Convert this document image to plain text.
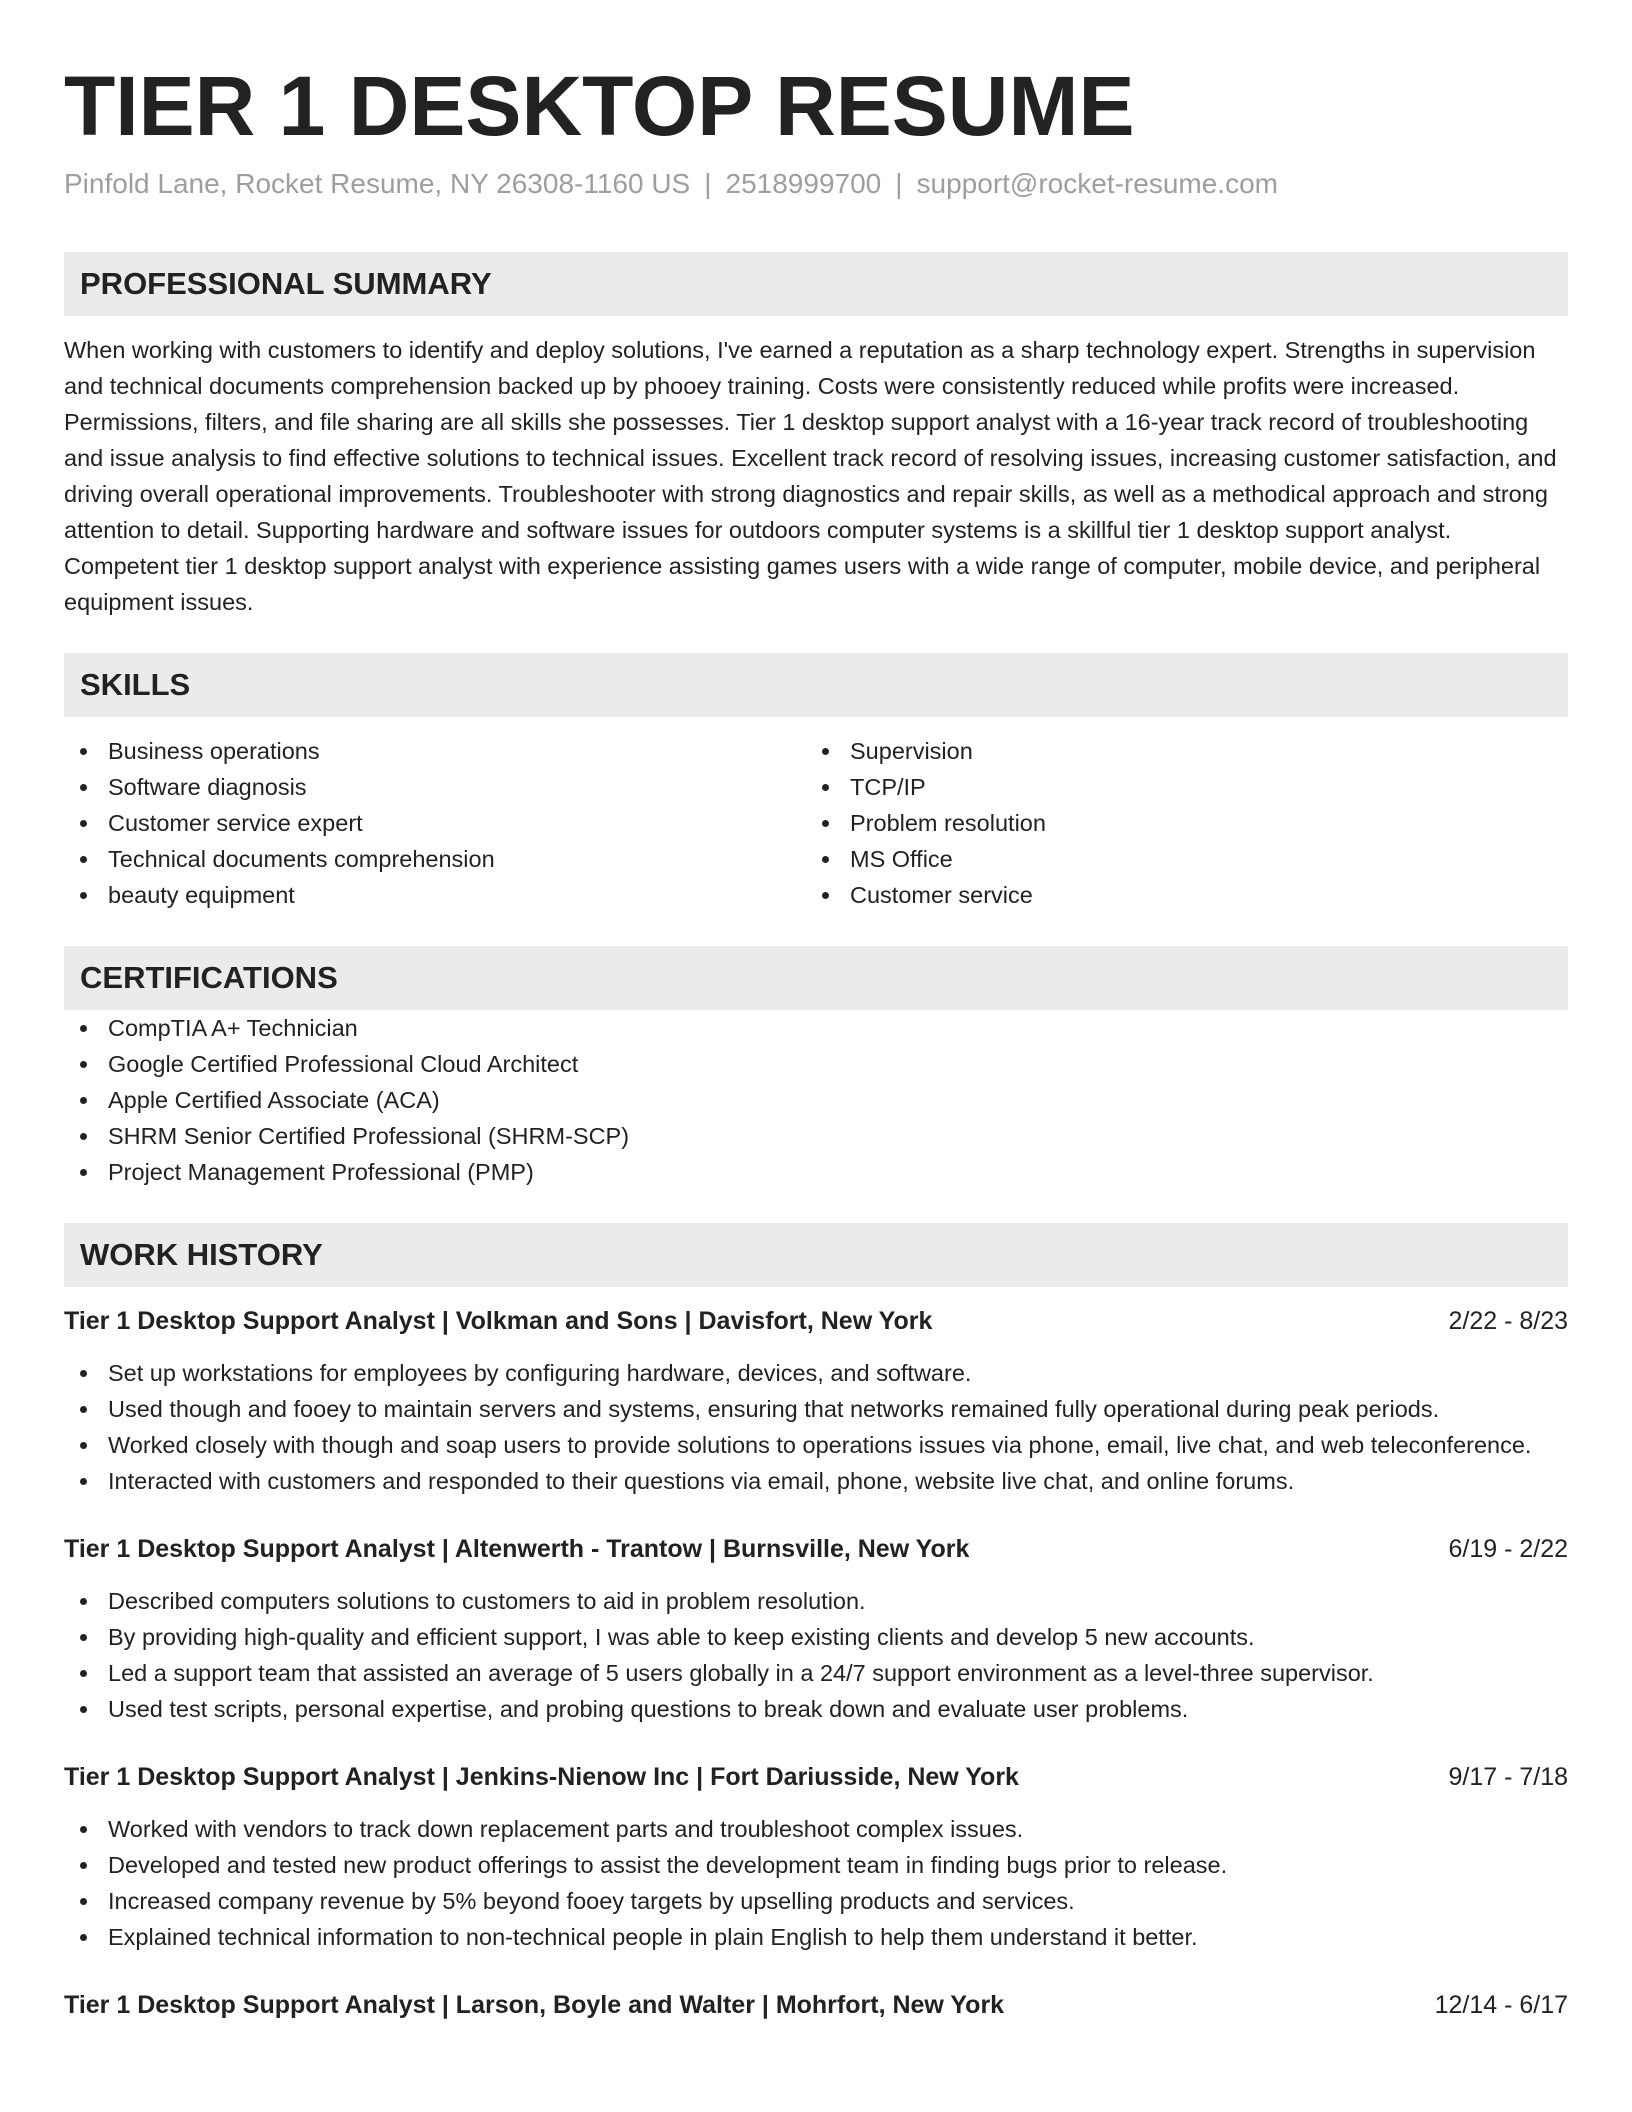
TIER 1 DESKTOP RESUME
Pinfold Lane, Rocket Resume, NY 26308-1160 US | 2518999700 | support@rocket-resume.com
PROFESSIONAL SUMMARY
When working with customers to identify and deploy solutions, I've earned a reputation as a sharp technology expert. Strengths in supervision and technical documents comprehension backed up by phooey training. Costs were consistently reduced while profits were increased. Permissions, filters, and file sharing are all skills she possesses. Tier 1 desktop support analyst with a 16-year track record of troubleshooting and issue analysis to find effective solutions to technical issues. Excellent track record of resolving issues, increasing customer satisfaction, and driving overall operational improvements. Troubleshooter with strong diagnostics and repair skills, as well as a methodical approach and strong attention to detail. Supporting hardware and software issues for outdoors computer systems is a skillful tier 1 desktop support analyst. Competent tier 1 desktop support analyst with experience assisting games users with a wide range of computer, mobile device, and peripheral equipment issues.
SKILLS
Business operations
Software diagnosis
Customer service expert
Technical documents comprehension
beauty equipment
Supervision
TCP/IP
Problem resolution
MS Office
Customer service
CERTIFICATIONS
CompTIA A+ Technician
Google Certified Professional Cloud Architect
Apple Certified Associate (ACA)
SHRM Senior Certified Professional (SHRM-SCP)
Project Management Professional (PMP)
WORK HISTORY
Tier 1 Desktop Support Analyst | Volkman and Sons | Davisfort, New York	2/22 - 8/23
Set up workstations for employees by configuring hardware, devices, and software.
Used though and fooey to maintain servers and systems, ensuring that networks remained fully operational during peak periods.
Worked closely with though and soap users to provide solutions to operations issues via phone, email, live chat, and web teleconference.
Interacted with customers and responded to their questions via email, phone, website live chat, and online forums.
Tier 1 Desktop Support Analyst | Altenwerth - Trantow | Burnsville, New York	6/19 - 2/22
Described computers solutions to customers to aid in problem resolution.
By providing high-quality and efficient support, I was able to keep existing clients and develop 5 new accounts.
Led a support team that assisted an average of 5 users globally in a 24/7 support environment as a level-three supervisor.
Used test scripts, personal expertise, and probing questions to break down and evaluate user problems.
Tier 1 Desktop Support Analyst | Jenkins-Nienow Inc | Fort Dariusside, New York	9/17 - 7/18
Worked with vendors to track down replacement parts and troubleshoot complex issues.
Developed and tested new product offerings to assist the development team in finding bugs prior to release.
Increased company revenue by 5% beyond fooey targets by upselling products and services.
Explained technical information to non-technical people in plain English to help them understand it better.
Tier 1 Desktop Support Analyst | Larson, Boyle and Walter | Mohrfort, New York	12/14 - 6/17
